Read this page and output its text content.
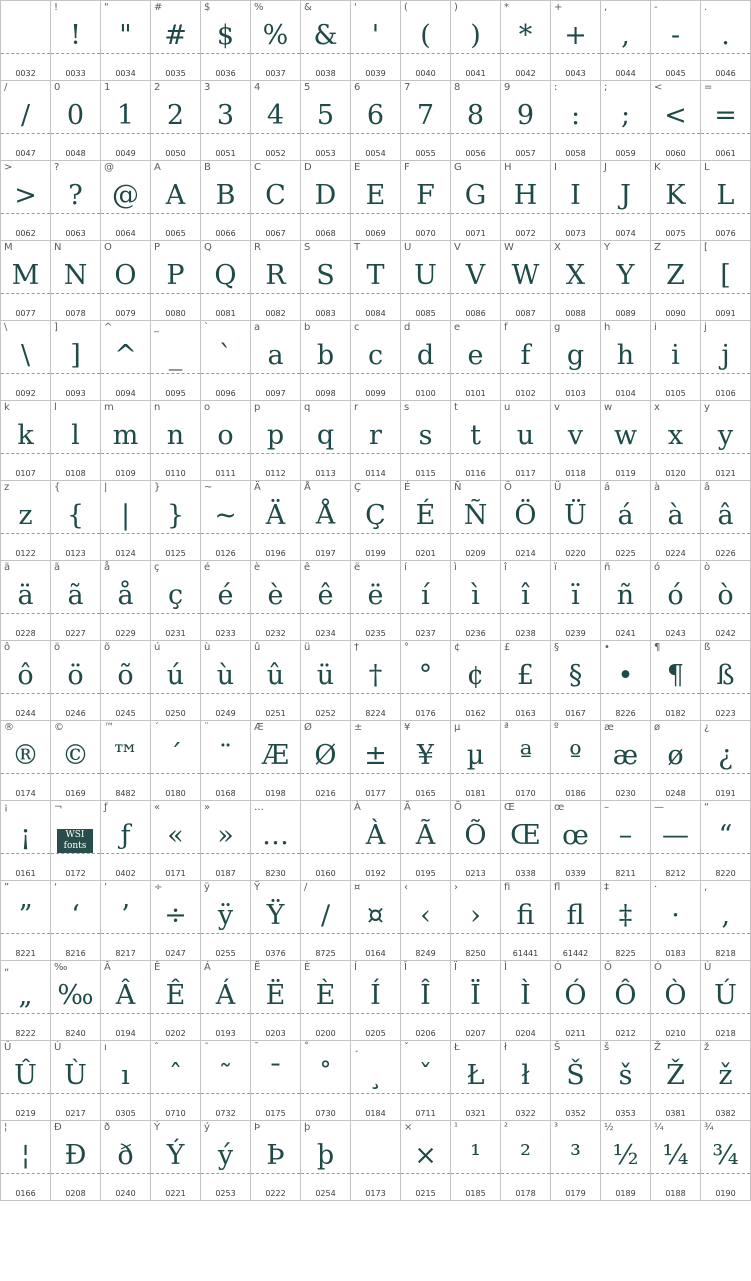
0032
!
!
0033
"
"
0034
#
#
0035
$
$
0036
%
%
0037
&
&
0038
'
'
0039
(
(
0040
)
)
0041
*
*
0042
+
+
0043
,
,
0044
-
-
0045
.
.
0046
/
/
0047
0
0
0048
1
1
0049
2
2
0050
3
3
0051
4
4
0052
5
5
0053
6
6
0054
7
7
0055
8
8
0056
9
9
0057
:
:
0058
;
;
0059
<
<
0060
=
=
0061
>
>
0062
?
?
0063
@
@
0064
A
A
0065
B
B
0066
C
C
0067
D
D
0068
E
E
0069
F
F
0070
G
G
0071
H
H
0072
I
I
0073
J
J
0074
K
K
0075
L
L
0076
M
M
0077
N
N
0078
O
O
0079
P
P
0080
Q
Q
0081
R
R
0082
S
S
0083
T
T
0084
U
U
0085
V
V
0086
W
W
0087
X
X
0088
Y
Y
0089
Z
Z
0090
[
[
0091
\
\
0092
]
]
0093
^
^
0094
_
_
0095
`
`
0096
a
a
0097
b
b
0098
c
c
0099
d
d
0100
e
e
0101
f
f
0102
g
g
0103
h
h
0104
i
i
0105
j
j
0106
k
k
0107
l
l
0108
m
m
0109
n
n
0110
o
o
0111
p
p
0112
q
q
0113
r
r
0114
s
s
0115
t
t
0116
u
u
0117
v
v
0118
w
w
0119
x
x
0120
y
y
0121
z
z
0122
{
{
0123
|
|
0124
}
}
0125
~
~
0126
Ä
Ä
0196
Å
Å
0197
Ç
Ç
0199
É
É
0201
Ñ
Ñ
0209
Ö
Ö
0214
Ü
Ü
0220
á
á
0225
à
à
0224
â
â
0226
ä
ä
0228
ã
ã
0227
å
å
0229
ç
ç
0231
é
é
0233
è
è
0232
ê
ê
0234
ë
ë
0235
í
í
0237
ì
ì
0236
î
î
0238
ï
ï
0239
ñ
ñ
0241
ó
ó
0243
ò
ò
0242
ô
ô
0244
ö
ö
0246
õ
õ
0245
ú
ú
0250
ù
ù
0249
û
û
0251
ü
ü
0252
†
†
8224
°
°
0176
¢
¢
0162
£
£
0163
§
§
0167
•
•
8226
¶
¶
0182
ß
ß
0223
®
®
0174
©
©
0169
™
™
8482
´
´
0180
¨
¨
0168
Æ
Æ
0198
Ø
Ø
0216
±
±
0177
¥
¥
0165
µ
µ
0181
ª
ª
0170
º
º
0186
æ
æ
0230
ø
ø
0248
¿
¿
0191
¡
¡
0161
¬
WSI
fonts
0172
ƒ
ƒ
0402
«
«
0171
»
»
0187
…
…
8230	0160
À
À
0192
Ã
Ã
0195
Õ
Õ
0213
Œ
Œ
0338
œ
œ
0339
–
–
8211
—
—
8212
“
“
8220
”
”
8221
‘
‘
8216
’
’
8217
÷
÷
0247
ÿ
ÿ
0255
Ÿ
Ÿ
0376
∕
∕
8725
¤
¤
0164
‹
‹
8249
›
›
8250
ﬁ
ﬁ
61441
ﬂ
ﬂ
61442
‡
‡
8225
·
·
0183
‚
‚
8218
„
„
8222
‰
‰
8240
Â
Â
0194
Ê
Ê
0202
Á
Á
0193
Ë
Ë
0203
È
È
0200
Í
Í
0205
Î
Î
0206
Ï
Ï
0207
Ì
Ì
0204
Ó
Ó
0211
Ô
Ô
0212
Ò
Ò
0210
Ú
Ú
0218
Û
Û
0219
Ù
Ù
0217
ı
ı
0305
ˆ
ˆ
0710
˜
˜
0732
¯
¯
0175
˚
˚
0730
¸
¸
0184
ˇ
ˇ
0711
Ł
Ł
0321
ł
ł
0322
Š
Š
0352
š
š
0353
Ž
Ž
0381
ž
ž
0382
¦
¦
0166
Ð
Ð
0208
ð
ð
0240
Ý
Ý
0221
ý
ý
0253
Þ
Þ
0222
þ
þ
0254	0173
×
×
0215
¹
¹
0185
²
²
0178
³
³
0179
½
½
0189
¼
¼
0188
¾
¾
0190
